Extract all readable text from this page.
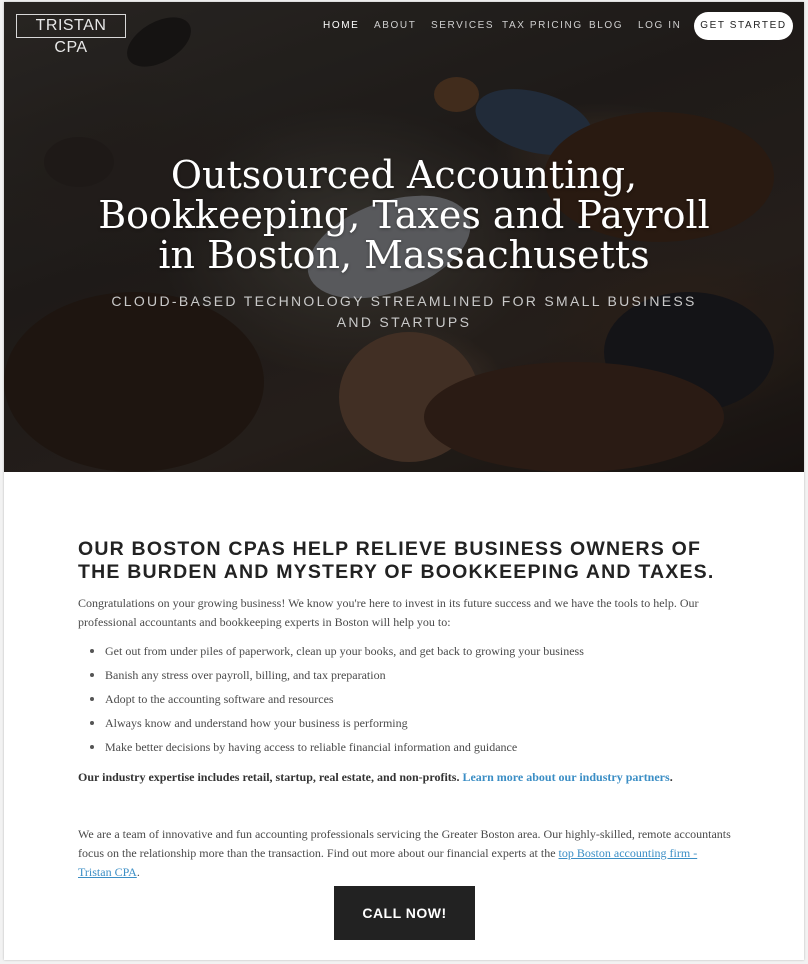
TRISTAN CPA
HOME ABOUT SERVICES TAX PRICING BLOG LOG IN	GET STARTED
Outsourced Accounting, Bookkeeping, Taxes and Payroll in Boston, Massachusetts
CLOUD-BASED TECHNOLOGY STREAMLINED FOR SMALL BUSINESS AND STARTUPS
OUR BOSTON CPAS HELP RELIEVE BUSINESS OWNERS OF THE BURDEN AND MYSTERY OF BOOKKEEPING AND TAXES.

Congratulations on your growing business! We know you're here to invest in its future success and we have the tools to help. Our professional accountants and bookkeeping experts in Boston will help you to:

Get out from under piles of paperwork, clean up your books, and get back to growing your business
Banish any stress over payroll, billing, and tax preparation
Adopt to the accounting software and resources
Always know and understand how your business is performing
Make better decisions by having access to reliable financial information and guidance

Our industry expertise includes retail, startup, real estate, and non-profits. Learn more about our industry partners.

We are a team of innovative and fun accounting professionals servicing the Greater Boston area. Our highly-skilled, remote accountants focus on the relationship more than the transaction. Find out more about our financial experts at the top Boston accounting firm - Tristan CPA.

CALL NOW!
